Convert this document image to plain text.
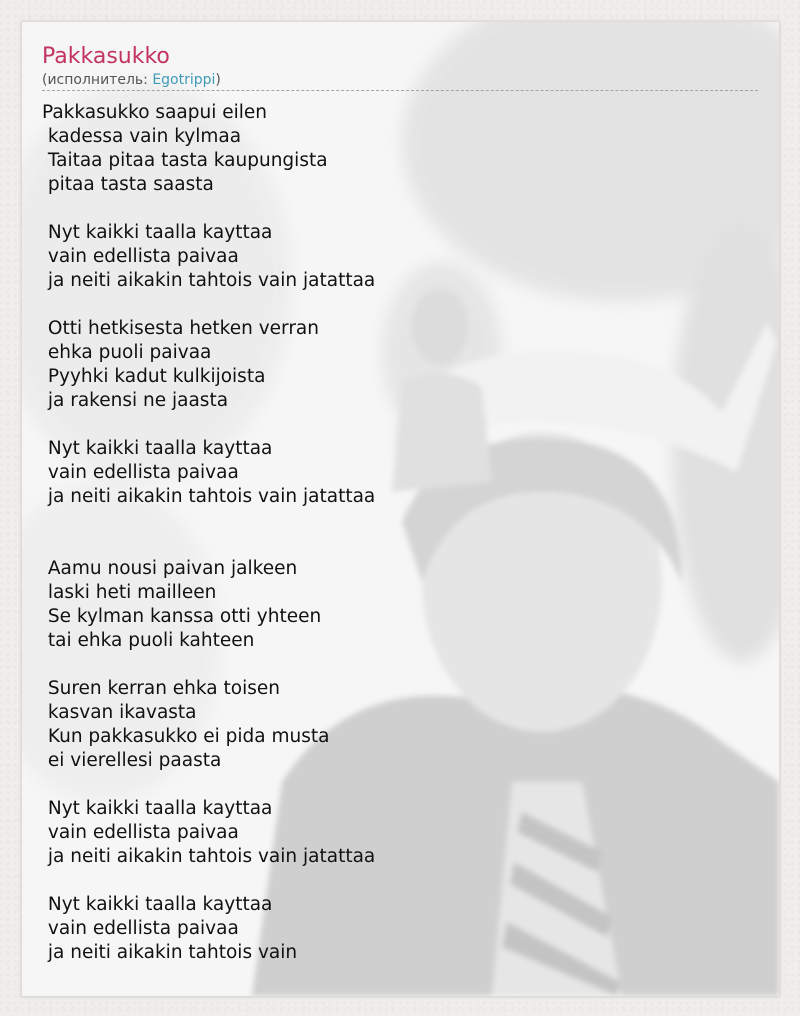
Pakkasukko
(исполнитель: Egotrippi)
Pakkasukko saapui eilen
kadessa vain kylmaa
Taitaa pitaa tasta kaupungista
pitaa tasta saasta

Nyt kaikki taalla kayttaa
vain edellista paivaa
ja neiti aikakin tahtois vain jatattaa

Otti hetkisesta hetken verran
ehka puoli paivaa
Pyyhki kadut kulkijoista
ja rakensi ne jaasta

Nyt kaikki taalla kayttaa
vain edellista paivaa
ja neiti aikakin tahtois vain jatattaa

Aamu nousi paivan jalkeen
laski heti mailleen
Se kylman kanssa otti yhteen
tai ehka puoli kahteen

Suren kerran ehka toisen
kasvan ikavasta
Kun pakkasukko ei pida musta
ei vierellesi paasta

Nyt kaikki taalla kayttaa
vain edellista paivaa
ja neiti aikakin tahtois vain jatattaa

Nyt kaikki taalla kayttaa
vain edellista paivaa
ja neiti aikakin tahtois vain
